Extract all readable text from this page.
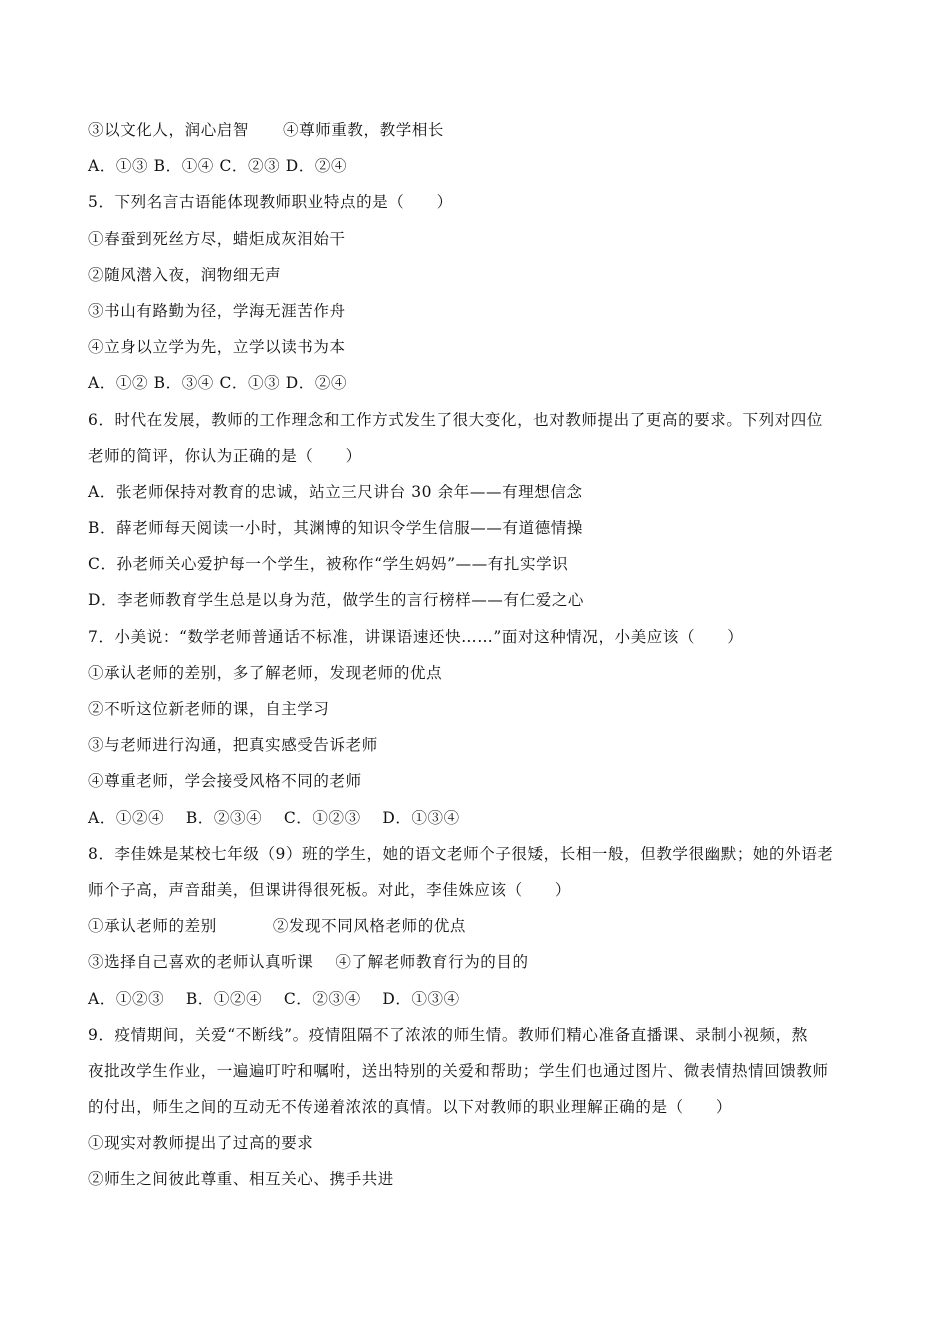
③以文化人，润心启智 ④尊师重教，教学相长
A．①③ B．①④ C．②③ D．②④
5．下列名言古语能体现教师职业特点的是（　　）
①春蚕到死丝方尽，蜡炬成灰泪始干
②随风潜入夜，润物细无声
③书山有路勤为径，学海无涯苦作舟
④立身以立学为先，立学以读书为本
A．①② B．③④ C．①③ D．②④
6．时代在发展，教师的工作理念和工作方式发生了很大变化，也对教师提出了更高的要求。下列对四位
老师的简评，你认为正确的是（　　）
A．张老师保持对教育的忠诚，站立三尺讲台 30 余年——有理想信念
B．薛老师每天阅读一小时，其渊博的知识令学生信服——有道德情操
C．孙老师关心爱护每一个学生，被称作“学生妈妈”——有扎实学识
D．李老师教育学生总是以身为范，做学生的言行榜样——有仁爱之心
7．小美说：“数学老师普通话不标准，讲课语速还快……”面对这种情况，小美应该（　　）
①承认老师的差别，多了解老师，发现老师的优点
②不听这位新老师的课，自主学习
③与老师进行沟通，把真实感受告诉老师
④尊重老师，学会接受风格不同的老师
A．①②④　 B．②③④　 C．①②③　 D．①③④
8．李佳姝是某校七年级（9）班的学生，她的语文老师个子很矮，长相一般，但教学很幽默；她的外语老
师个子高，声音甜美，但课讲得很死板。对此，李佳姝应该（　　）
①承认老师的差别	②发现不同风格老师的优点
③选择自己喜欢的老师认真听课 ④了解老师教育行为的目的
A．①②③　 B．①②④　 C．②③④　 D．①③④
9．疫情期间，关爱“不断线”。疫情阻隔不了浓浓的师生情。教师们精心准备直播课、录制小视频，熬
夜批改学生作业，一遍遍叮咛和嘱咐，送出特别的关爱和帮助；学生们也通过图片、微表情热情回馈教师
的付出，师生之间的互动无不传递着浓浓的真情。以下对教师的职业理解正确的是（　　）
①现实对教师提出了过高的要求
②师生之间彼此尊重、相互关心、携手共进
